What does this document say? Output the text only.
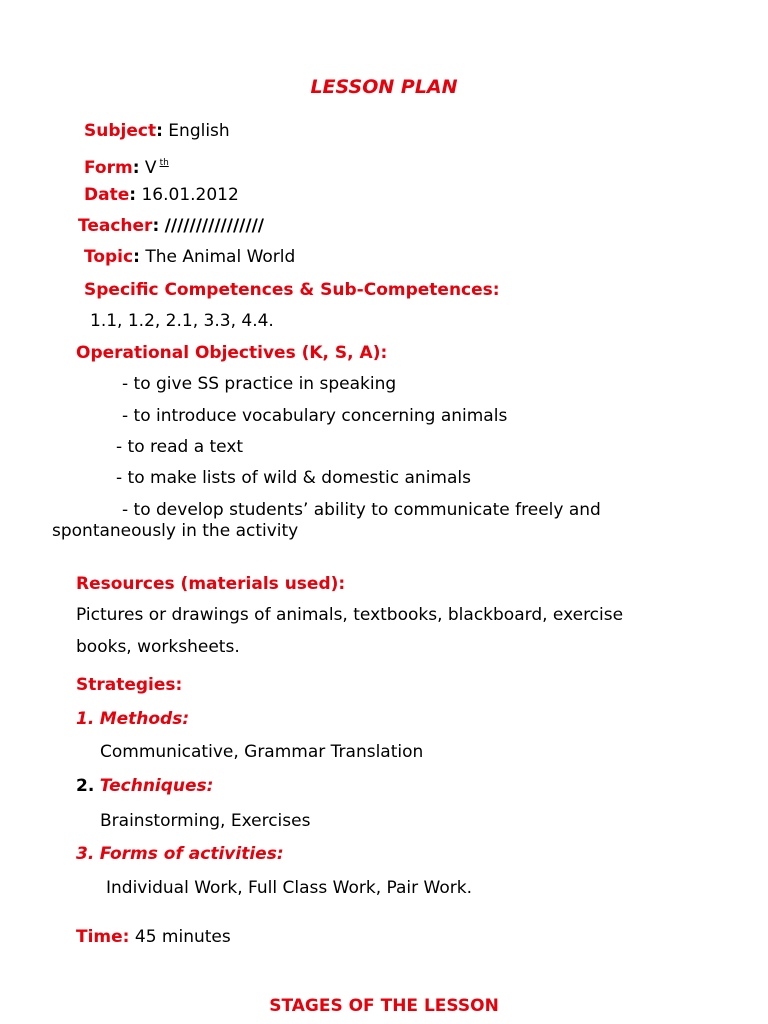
LESSON PLAN
Subject: English
Form: V $^{th}$
Date: 16.01.2012
Teacher: ////////////////
Topic: The Animal World
Specific Competences & Sub-Competences:
1.1, 1.2, 2.1, 3.3, 4.4.
Operational Objectives (K, S, A):
- to give SS practice in speaking
- to introduce vocabulary concerning animals
- to read a text
- to make lists of wild & domestic animals
- to develop students’ ability to communicate freely and
spontaneously in the activity
Resources (materials used):
Pictures or drawings of animals, textbooks, blackboard, exercise
books, worksheets.
Strategies:
1. Methods:
Communicative, Grammar Translation
2. Techniques:
Brainstorming, Exercises
3. Forms of activities:
Individual Work, Full Class Work, Pair Work.
Time: 45 minutes
STAGES OF THE LESSON
